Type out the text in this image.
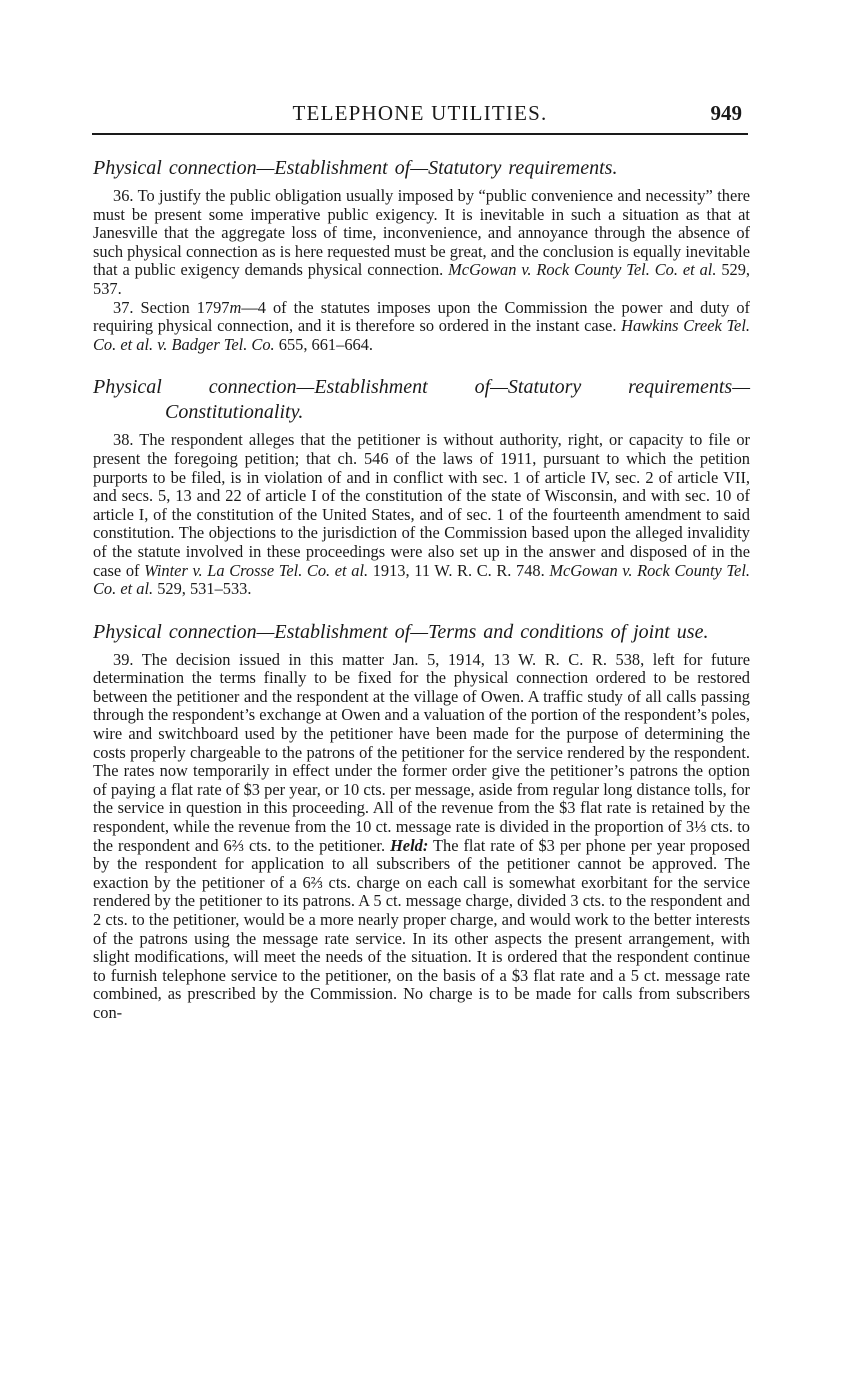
TELEPHONE UTILITIES.	949

Physical connection—Establishment of—Statutory requirements.

36. To justify the public obligation usually imposed by “public convenience and necessity” there must be present some imperative public exigency. It is inevitable in such a situation as that at Janesville that the aggregate loss of time, inconvenience, and annoyance through the absence of such physical connection as is here requested must be great, and the conclusion is equally inevitable that a public exigency demands physical connection. McGowan v. Rock County Tel. Co. et al. 529, 537.

37. Section 1797m—4 of the statutes imposes upon the Commission the power and duty of requiring physical connection, and it is therefore so ordered in the instant case. Hawkins Creek Tel. Co. et al. v. Badger Tel. Co. 655, 661–664.

Physical connection—Establishment of—Statutory requirements—Constitutionality.

38. The respondent alleges that the petitioner is without authority, right, or capacity to file or present the foregoing petition; that ch. 546 of the laws of 1911, pursuant to which the petition purports to be filed, is in violation of and in conflict with sec. 1 of article IV, sec. 2 of article VII, and secs. 5, 13 and 22 of article I of the constitution of the state of Wisconsin, and with sec. 10 of article I, of the constitution of the United States, and of sec. 1 of the fourteenth amendment to said constitution. The objections to the jurisdiction of the Commission based upon the alleged invalidity of the statute involved in these proceedings were also set up in the answer and disposed of in the case of Winter v. La Crosse Tel. Co. et al. 1913, 11 W. R. C. R. 748. McGowan v. Rock County Tel. Co. et al. 529, 531–533.

Physical connection—Establishment of—Terms and conditions of joint use.

39. The decision issued in this matter Jan. 5, 1914, 13 W. R. C. R. 538, left for future determination the terms finally to be fixed for the physical connection ordered to be restored between the petitioner and the respondent at the village of Owen. A traffic study of all calls passing through the respondent’s exchange at Owen and a valuation of the portion of the respondent’s poles, wire and switchboard used by the petitioner have been made for the purpose of determining the costs properly chargeable to the patrons of the petitioner for the service rendered by the respondent. The rates now temporarily in effect under the former order give the petitioner’s patrons the option of paying a flat rate of $3 per year, or 10 cts. per message, aside from regular long distance tolls, for the service in question in this proceeding. All of the revenue from the $3 flat rate is retained by the respondent, while the revenue from the 10 ct. message rate is divided in the proportion of 3⅓ cts. to the respondent and 6⅔ cts. to the petitioner. Held: The flat rate of $3 per phone per year proposed by the respondent for application to all subscribers of the petitioner cannot be approved. The exaction by the petitioner of a 6⅔ cts. charge on each call is somewhat exorbitant for the service rendered by the petitioner to its patrons. A 5 ct. message charge, divided 3 cts. to the respondent and 2 cts. to the petitioner, would be a more nearly proper charge, and would work to the better interests of the patrons using the message rate service. In its other aspects the present arrangement, with slight modifications, will meet the needs of the situation. It is ordered that the respondent continue to furnish telephone service to the petitioner, on the basis of a $3 flat rate and a 5 ct. message rate combined, as prescribed by the Commission. No charge is to be made for calls from subscribers con-
